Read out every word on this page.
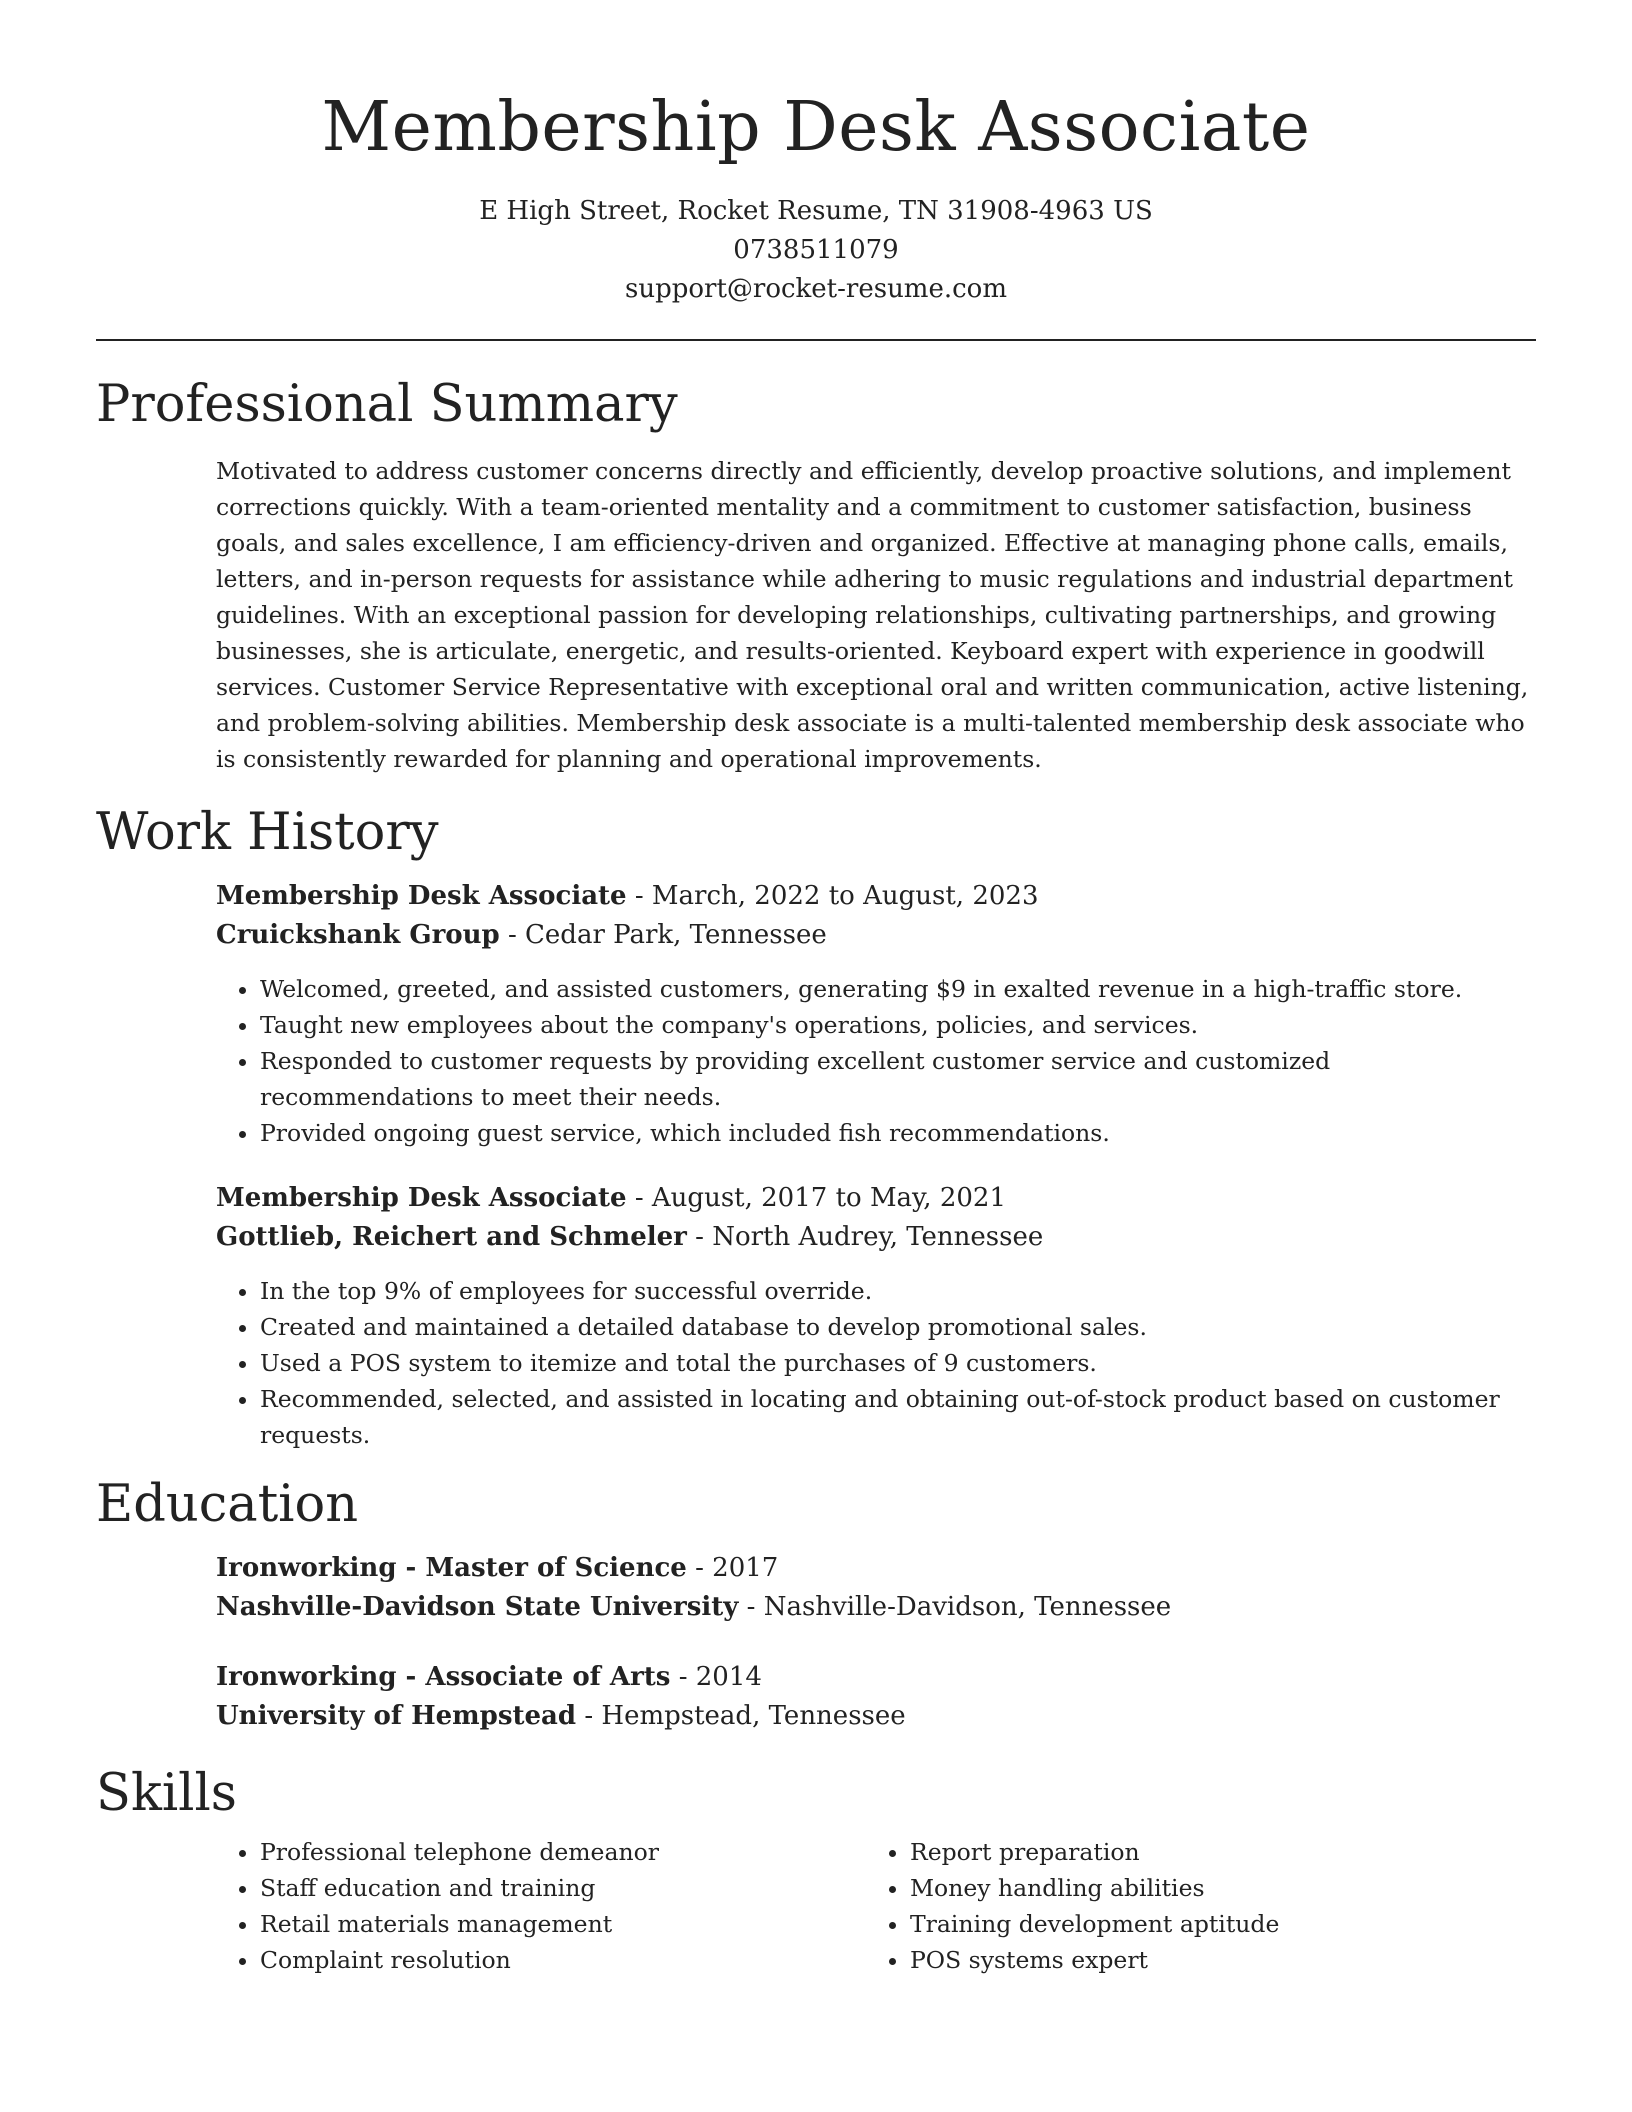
Membership Desk Associate
E High Street, Rocket Resume, TN 31908-4963 US
0738511079
support@rocket-resume.com
Professional Summary

Motivated to address customer concerns directly and efficiently, develop proactive solutions, and implement corrections quickly. With a team-oriented mentality and a commitment to customer satisfaction, business goals, and sales excellence, I am efficiency-driven and organized. Effective at managing phone calls, emails, letters, and in-person requests for assistance while adhering to music regulations and industrial department guidelines. With an exceptional passion for developing relationships, cultivating partnerships, and growing businesses, she is articulate, energetic, and results-oriented. Keyboard expert with experience in goodwill services. Customer Service Representative with exceptional oral and written communication, active listening, and problem-solving abilities. Membership desk associate is a multi-talented membership desk associate who is consistently rewarded for planning and operational improvements.

Work History
Membership Desk Associate - March, 2022 to August, 2023
Cruickshank Group - Cedar Park, Tennessee
• Welcomed, greeted, and assisted customers, generating $9 in exalted revenue in a high-traffic store.
• Taught new employees about the company's operations, policies, and services.
• Responded to customer requests by providing excellent customer service and customized recommendations to meet their needs.
• Provided ongoing guest service, which included fish recommendations.
Membership Desk Associate - August, 2017 to May, 2021
Gottlieb, Reichert and Schmeler - North Audrey, Tennessee
• In the top 9% of employees for successful override.
• Created and maintained a detailed database to develop promotional sales.
• Used a POS system to itemize and total the purchases of 9 customers.
• Recommended, selected, and assisted in locating and obtaining out-of-stock product based on customer requests.
Education
Ironworking - Master of Science - 2017
Nashville-Davidson State University - Nashville-Davidson, Tennessee
Ironworking - Associate of Arts - 2014
University of Hempstead - Hempstead, Tennessee
Skills
• Professional telephone demeanor
• Staff education and training
• Retail materials management
• Complaint resolution
• Report preparation
• Money handling abilities
• Training development aptitude
• POS systems expert
